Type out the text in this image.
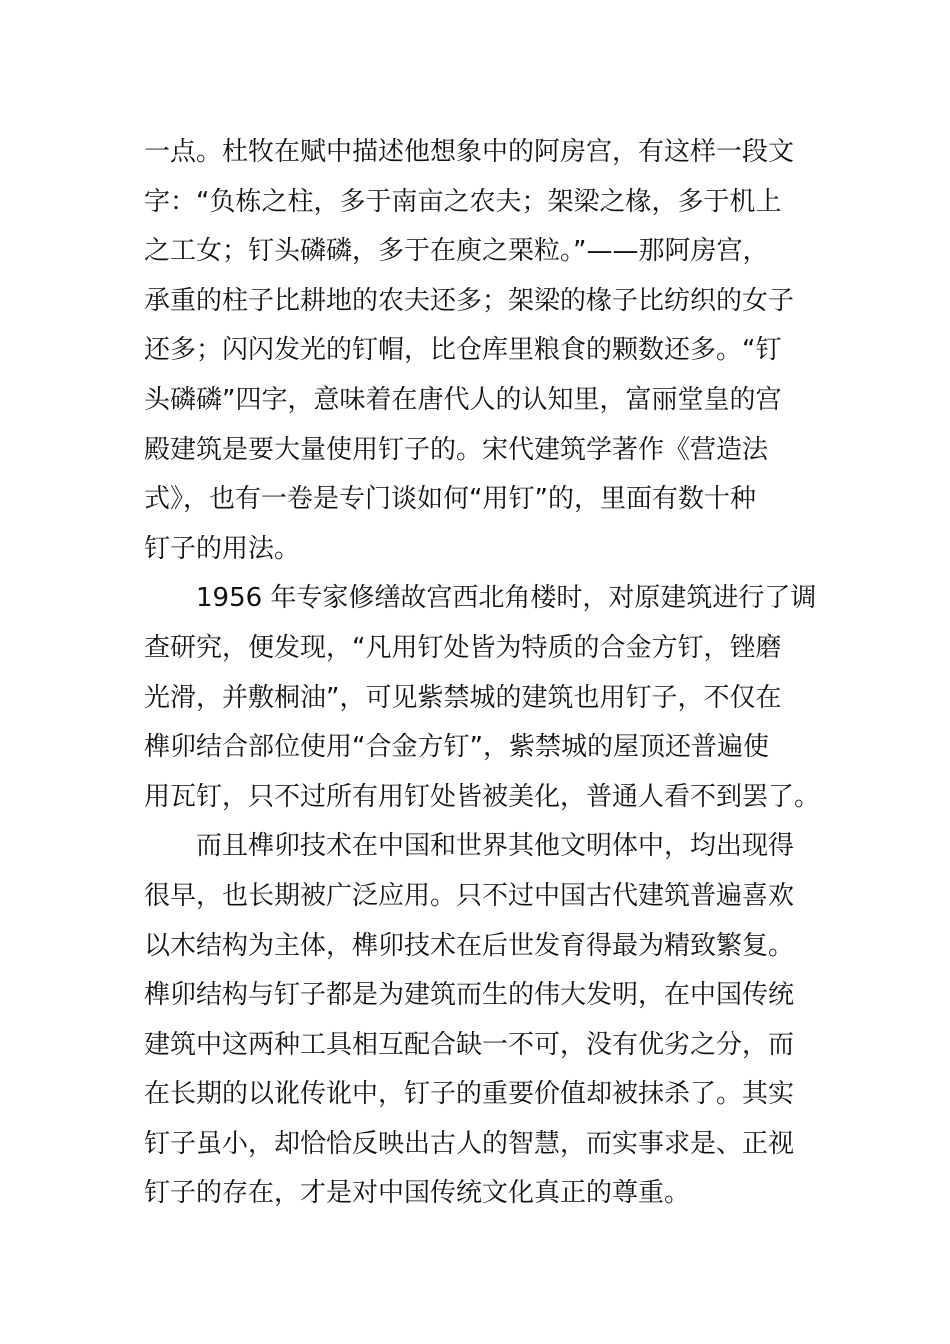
一点。杜牧在赋中描述他想象中的阿房宫，有这样一段文
字：“负栋之柱，多于南亩之农夫；架梁之椽，多于机上
之工女；钉头磷磷，多于在庾之栗粒。”——那阿房宫，
承重的柱子比耕地的农夫还多；架梁的椽子比纺织的女子
还多；闪闪发光的钉帽，比仓库里粮食的颗数还多。“钉
头磷磷”四字，意味着在唐代人的认知里，富丽堂皇的宫
殿建筑是要大量使用钉子的。宋代建筑学著作《营造法
式》，也有一卷是专门谈如何“用钉”的，里面有数十种
钉子的用法。
1956 年专家修缮故宫西北角楼时，对原建筑进行了调
查研究，便发现，“凡用钉处皆为特质的合金方钉，锉磨
光滑，并敷桐油”，可见紫禁城的建筑也用钉子，不仅在
榫卯结合部位使用“合金方钉”，紫禁城的屋顶还普遍使
用瓦钉，只不过所有用钉处皆被美化，普通人看不到罢了。
而且榫卯技术在中国和世界其他文明体中，均出现得
很早，也长期被广泛应用。只不过中国古代建筑普遍喜欢
以木结构为主体，榫卯技术在后世发育得最为精致繁复。
榫卯结构与钉子都是为建筑而生的伟大发明，在中国传统
建筑中这两种工具相互配合缺一不可，没有优劣之分，而
在长期的以讹传讹中，钉子的重要价值却被抹杀了。其实
钉子虽小，却恰恰反映出古人的智慧，而实事求是、正视
钉子的存在，才是对中国传统文化真正的尊重。
